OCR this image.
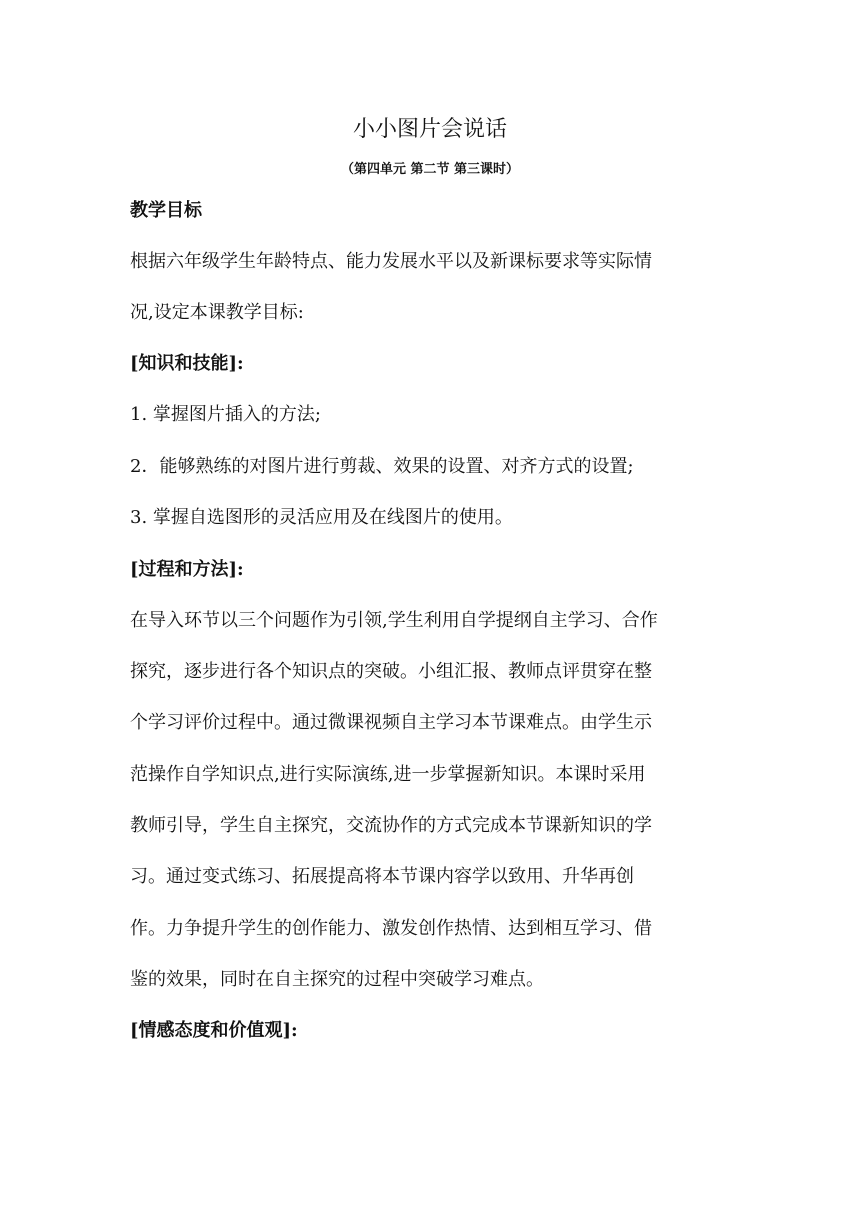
小小图片会说话

（第四单元 第二节 第三课时）

教学目标

根据六年级学生年龄特点、能力发展水平以及新课标要求等实际情

况,设定本课教学目标:

[知识和技能]:

1. 掌握图片插入的方法;

2．能够熟练的对图片进行剪裁、效果的设置、对齐方式的设置;

3. 掌握自选图形的灵活应用及在线图片的使用。

[过程和方法]:

在导入环节以三个问题作为引领,学生利用自学提纲自主学习、合作

探究，逐步进行各个知识点的突破。小组汇报、教师点评贯穿在整

个学习评价过程中。通过微课视频自主学习本节课难点。由学生示

范操作自学知识点,进行实际演练,进一步掌握新知识。本课时采用

教师引导，学生自主探究，交流协作的方式完成本节课新知识的学

习。通过变式练习、拓展提高将本节课内容学以致用、升华再创

作。力争提升学生的创作能力、激发创作热情、达到相互学习、借

鉴的效果，同时在自主探究的过程中突破学习难点。

[情感态度和价值观]:
